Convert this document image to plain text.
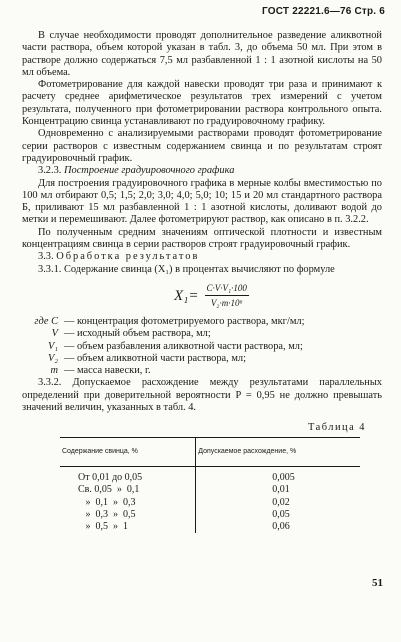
ГОСТ 22221.6—76 Стр. 6

В случае необходимости проводят дополнительное разведение аликвотной части раствора, объем которой указан в табл. 3, до объема 50 мл. При этом в растворе должно содержаться 7,5 мл разбавленной 1 : 1 азотной кислоты на 50 мл объема.

Фотометрирование для каждой навески проводят три раза и принимают к расчету среднее арифметическое результатов трех измерений с учетом результата, полученного при фотометрировании раствора контрольного опыта. Концентрацию свинца устанавливают по градуировочному графику.

Одновременно с анализируемыми растворами проводят фотометрирование серии растворов с известным содержанием свинца и по результатам строят градуировочный график.

3.2.3. Построение градуировочного графика

Для построения градуировочного графика в мерные колбы вместимостью по 100 мл отбирают 0,5; 1,5; 2,0; 3,0; 4,0; 5,0; 10; 15 и 20 мл стандартного раствора Б, приливают 15 мл разбавленной 1 : 1 азотной кислоты, доливают водой до метки и перемешивают. Далее фотометрируют раствор, как описано в п. 3.2.2.

По полученным средним значениям оптической плотности и известным концентрациям свинца в серии растворов строят градуировочный график.

3.3. Обработка результатов

3.3.1. Содержание свинца (X₁) в процентах вычисляют по формуле

$X_1= \frac{\text{C·V·V₁·100}}{\text{V₂·m·10⁶}}$
где C — концентрация фотометрируемого раствора, мкг/мл;
V — исходный объем раствора, мл;
V₁ — объем разбавления аликвотной части раствора, мл;
V₂ — объем аликвотной части раствора, мл;
m — масса навески, г.

3.3.2. Допускаемое расхождение между результатами параллельных определений при доверительной вероятности P = 0,95 не должно превышать значений величин, указанных в табл. 4.

Таблица 4
Содержание свинца, %	Допускаемое расхождение, %
От 0,01 до 0,05	0,005
Св. 0,05  »  0,1	0,01
»  0,1  »  0,3	0,02
»  0,3  »  0,5	0,05
»  0,5  »  1	0,06
51
